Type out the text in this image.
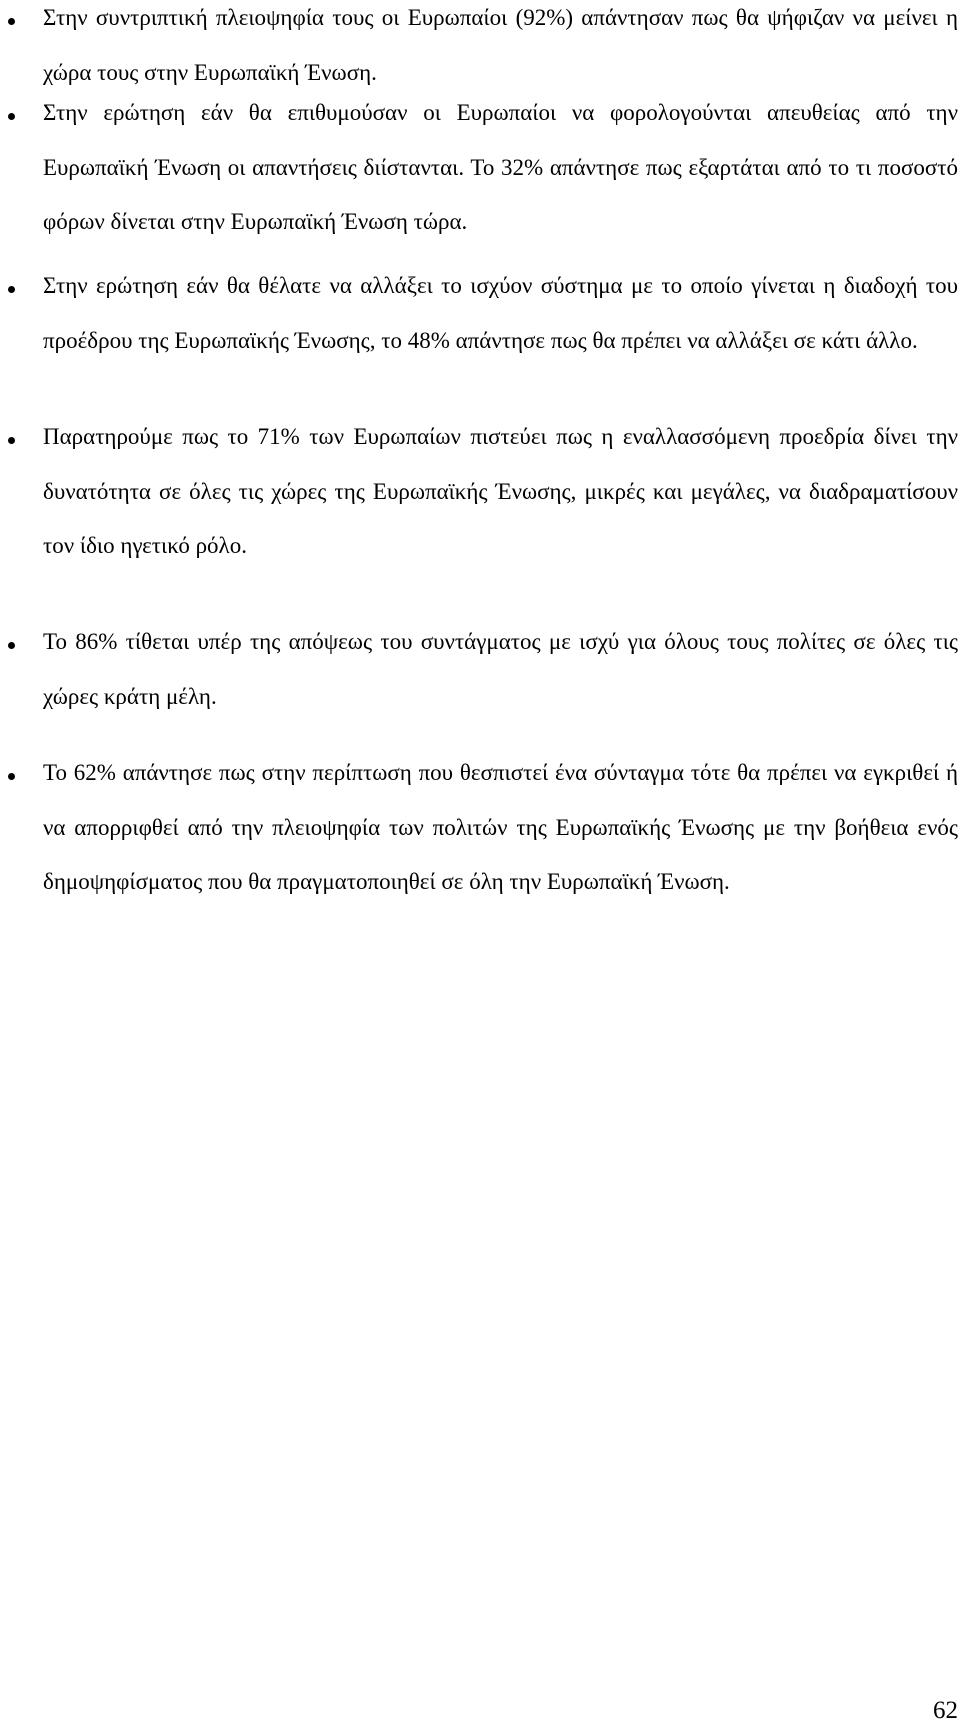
Στην συντριπτική πλειοψηφία τους οι Ευρωπαίοι (92%) απάντησαν πως θα ψήφιζαν να μείνει η χώρα τους στην Ευρωπαϊκή Ένωση.

Στην ερώτηση εάν θα επιθυμούσαν οι Ευρωπαίοι να φορολογούνται απευθείας από την Ευρωπαϊκή Ένωση οι απαντήσεις διίστανται. Το 32% απάντησε πως εξαρτάται από το τι ποσοστό φόρων δίνεται στην Ευρωπαϊκή Ένωση τώρα.

Στην ερώτηση εάν θα θέλατε να αλλάξει το ισχύον σύστημα με το οποίο γίνεται η διαδοχή του προέδρου της Ευρωπαϊκής Ένωσης, το 48% απάντησε πως θα πρέπει να αλλάξει σε κάτι άλλο.

Παρατηρούμε πως το 71% των Ευρωπαίων πιστεύει πως η εναλλασσόμενη προεδρία δίνει την δυνατότητα σε όλες τις χώρες της Ευρωπαϊκής Ένωσης, μικρές και μεγάλες, να διαδραματίσουν τον ίδιο ηγετικό ρόλο.

Το 86% τίθεται υπέρ της απόψεως του συντάγματος με ισχύ για όλους τους πολίτες σε όλες τις χώρες κράτη μέλη.

Το 62% απάντησε πως στην περίπτωση που θεσπιστεί ένα σύνταγμα τότε θα πρέπει να εγκριθεί ή να απορριφθεί από την πλειοψηφία των πολιτών της Ευρωπαϊκής Ένωσης με την βοήθεια ενός δημοψηφίσματος που θα πραγματοποιηθεί σε όλη την Ευρωπαϊκή Ένωση.

62
